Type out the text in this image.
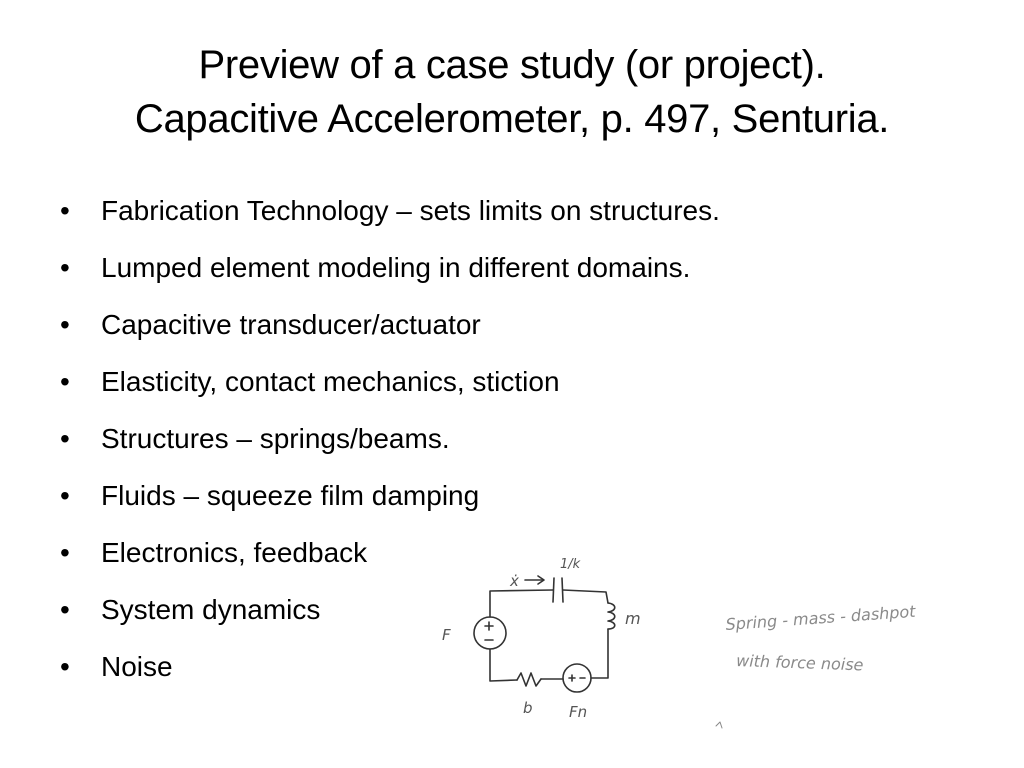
Preview of a case study (or project).
Capacitive Accelerometer, p. 497, Senturia.
• Fabrication Technology – sets limits on structures.
• Lumped element modeling in different domains.
• Capacitive transducer/actuator
• Elasticity, contact mechanics, stiction
• Structures – springs/beams.
• Fluids – squeeze film damping
• Electronics, feedback
• System dynamics
• Noise
ẋ
1/k
m
F
b Fn
Spring - mass - dashpot
with force noise
